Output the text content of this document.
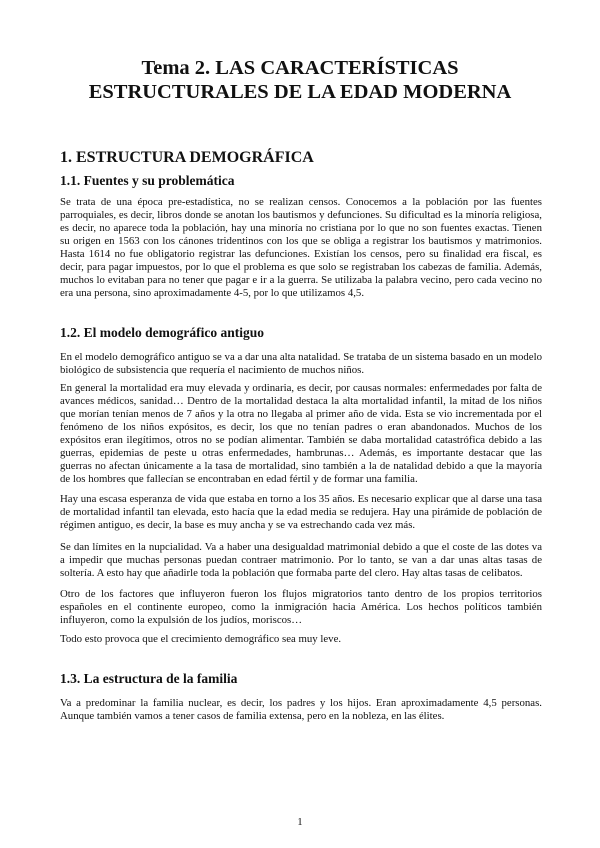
Tema 2. LAS CARACTERÍSTICAS
ESTRUCTURALES DE LA EDAD MODERNA
1. ESTRUCTURA DEMOGRÁFICA
1.1. Fuentes y su problemática

Se trata de una época pre-estadística, no se realizan censos. Conocemos a la población por las fuentes parroquiales, es decir, libros donde se anotan los bautismos y defunciones. Su dificultad es la minoría religiosa, es decir, no aparece toda la población, hay una minoría no cristiana por lo que no son fuentes exactas. Tienen su origen en 1563 con los cánones tridentinos con los que se obliga a registrar los bautismos y matrimonios. Hasta 1614 no fue obligatorio registrar las defunciones. Existían los censos, pero su finalidad era fiscal, es decir, para pagar impuestos, por lo que el problema es que solo se registraban los cabezas de familia. Además, muchos lo evitaban para no tener que pagar e ir a la guerra. Se utilizaba la palabra vecino, pero cada vecino no era una persona, sino aproximadamente 4-5, por lo que utilizamos 4,5.

1.2. El modelo demográfico antiguo

En el modelo demográfico antiguo se va a dar una alta natalidad. Se trataba de un sistema basado en un modelo biológico de subsistencia que requería el nacimiento de muchos niños.

En general la mortalidad era muy elevada y ordinaria, es decir, por causas normales: enfermedades por falta de avances médicos, sanidad… Dentro de la mortalidad destaca la alta mortalidad infantil, la mitad de los niños que morían tenían menos de 7 años y la otra no llegaba al primer año de vida. Esta se vio incrementada por el fenómeno de los niños expósitos, es decir, los que no tenían padres o eran abandonados. Muchos de los expósitos eran ilegítimos, otros no se podían alimentar. También se daba mortalidad catastrófica debido a las guerras, epidemias de peste u otras enfermedades, hambrunas… Además, es importante destacar que las guerras no afectan únicamente a la tasa de mortalidad, sino también a la de natalidad debido a que la mayoría de los hombres que fallecían se encontraban en edad fértil y de formar una familia.

Hay una escasa esperanza de vida que estaba en torno a los 35 años. Es necesario explicar que al darse una tasa de mortalidad infantil tan elevada, esto hacía que la edad media se redujera. Hay una pirámide de población de régimen antiguo, es decir, la base es muy ancha y se va estrechando cada vez más.

Se dan límites en la nupcialidad. Va a haber una desigualdad matrimonial debido a que el coste de las dotes va a impedir que muchas personas puedan contraer matrimonio. Por lo tanto, se van a dar unas altas tasas de soltería. A esto hay que añadirle toda la población que formaba parte del clero. Hay altas tasas de celibatos.

Otro de los factores que influyeron fueron los flujos migratorios tanto dentro de los propios territorios españoles en el continente europeo, como la inmigración hacia América. Los hechos políticos también influyeron, como la expulsión de los judíos, moriscos…

Todo esto provoca que el crecimiento demográfico sea muy leve.

1.3. La estructura de la familia

Va a predominar la familia nuclear, es decir, los padres y los hijos. Eran aproximadamente 4,5 personas. Aunque también vamos a tener casos de familia extensa, pero en la nobleza, en las élites.

1
